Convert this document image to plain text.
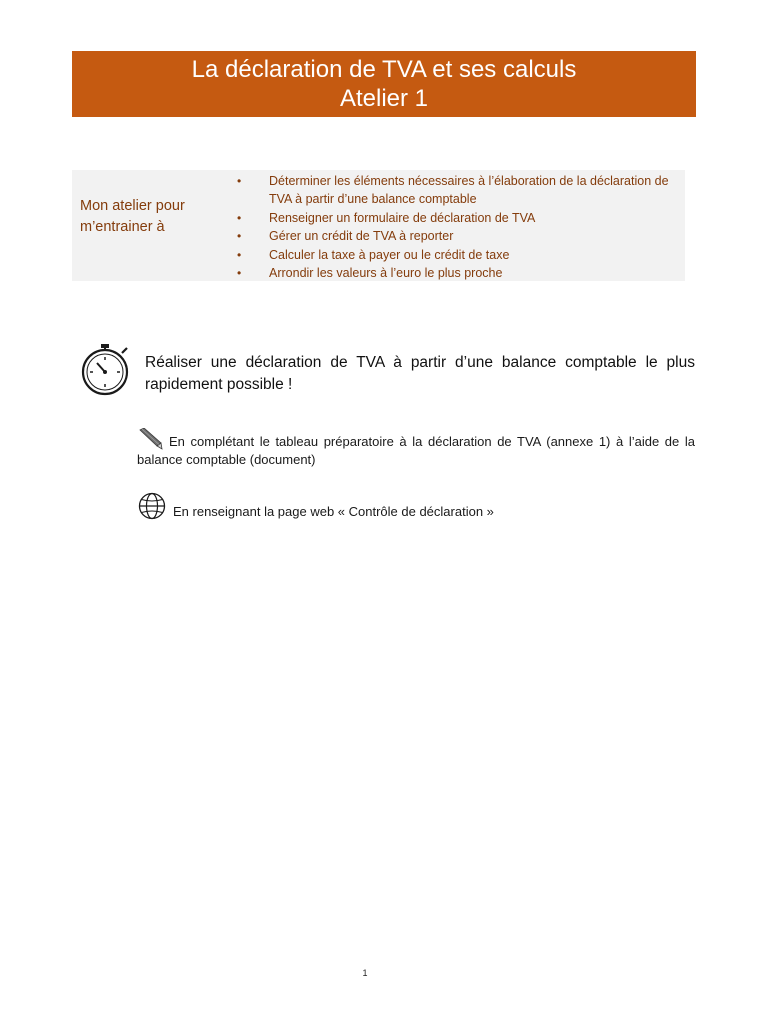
La déclaration de TVA et ses calculs
Atelier 1
Mon atelier pour m’entrainer à
• Déterminer les éléments nécessaires à l’élaboration de la déclaration de TVA à partir d’une balance comptable
• Renseigner un formulaire de déclaration de TVA
• Gérer un crédit de TVA à reporter
• Calculer la taxe à payer ou le crédit de taxe
• Arrondir les valeurs à l’euro le plus proche
Réaliser une déclaration de TVA à partir d’une balance comptable le plus rapidement possible !
En complétant le tableau préparatoire à la déclaration de TVA (annexe 1) à l’aide de la balance comptable (document)
En renseignant la page web « Contrôle de déclaration »
1
